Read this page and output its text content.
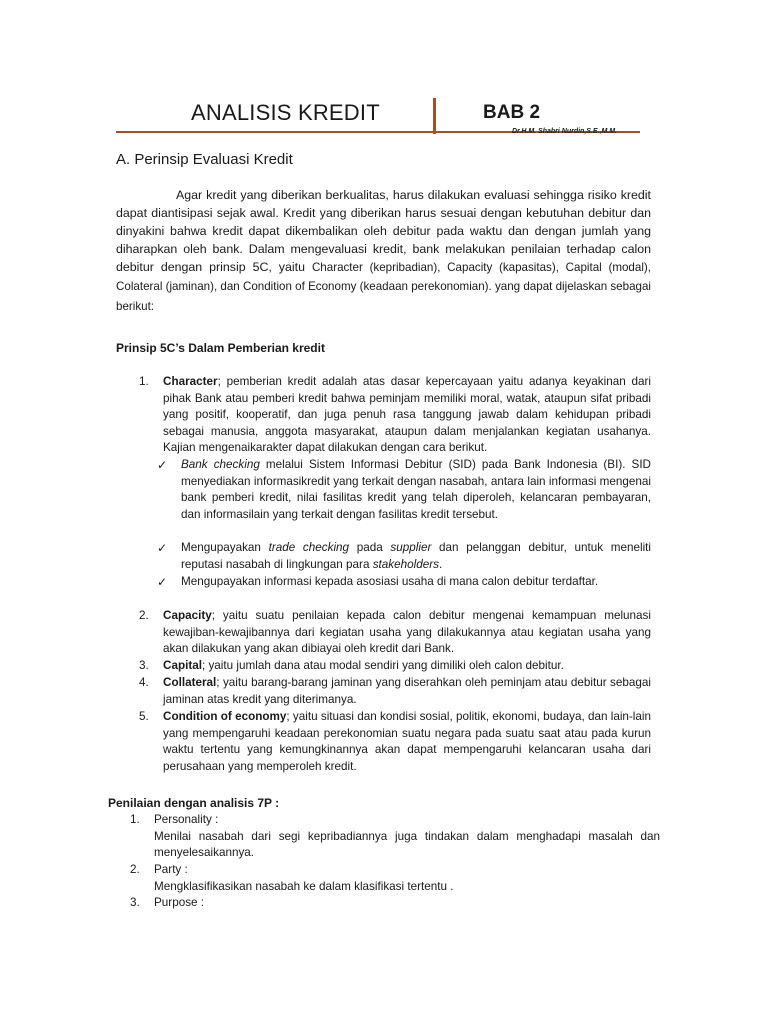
ANALISIS KREDIT	BAB 2
Dr.H.M. Shabri Nurdin,S.E.,M.M.
A. Perinsip Evaluasi Kredit
Agar kredit yang diberikan berkualitas, harus dilakukan evaluasi sehingga risiko kredit dapat diantisipasi sejak awal. Kredit yang diberikan harus sesuai dengan kebutuhan debitur dan dinyakini bahwa kredit dapat dikembalikan oleh debitur pada waktu dan dengan jumlah yang diharapkan oleh bank. Dalam mengevaluasi kredit, bank melakukan penilaian terhadap calon debitur dengan prinsip 5C, yaitu Character (kepribadian), Capacity (kapasitas), Capital (modal), Colateral (jaminan), dan Condition of Economy (keadaan perekonomian). yang dapat dijelaskan sebagai berikut:
Prinsip 5C’s Dalam Pemberian kredit
1.	Character; pemberian kredit adalah atas dasar kepercayaan yaitu adanya keyakinan dari pihak Bank atau pemberi kredit bahwa peminjam memiliki moral, watak, ataupun sifat pribadi yang positif, kooperatif, dan juga penuh rasa tanggung jawab dalam kehidupan pribadi sebagai manusia, anggota masyarakat, ataupun dalam menjalankan kegiatan usahanya. Kajian mengenaikarakter dapat dilakukan dengan cara berikut.
✓ Bank checking melalui Sistem Informasi Debitur (SID) pada Bank Indonesia (BI). SID menyediakan informasikredit yang terkait dengan nasabah, antara lain informasi mengenai bank pemberi kredit, nilai fasilitas kredit yang telah diperoleh, kelancaran pembayaran, dan informasilain yang terkait dengan fasilitas kredit tersebut.
✓ Mengupayakan trade checking pada supplier dan pelanggan debitur, untuk meneliti reputasi nasabah di lingkungan para stakeholders.
✓ Mengupayakan informasi kepada asosiasi usaha di mana calon debitur terdaftar.
2.	Capacity; yaitu suatu penilaian kepada calon debitur mengenai kemampuan melunasi kewajiban-kewajibannya dari kegiatan usaha yang dilakukannya atau kegiatan usaha yang akan dilakukan yang akan dibiayai oleh kredit dari Bank.
3.	Capital; yaitu jumlah dana atau modal sendiri yang dimiliki oleh calon debitur.
4.	Collateral; yaitu barang-barang jaminan yang diserahkan oleh peminjam atau debitur sebagai jaminan atas kredit yang diterimanya.
5.	Condition of economy; yaitu situasi dan kondisi sosial, politik, ekonomi, budaya, dan lain-lain yang mempengaruhi keadaan perekonomian suatu negara pada suatu saat atau pada kurun waktu tertentu yang kemungkinannya akan dapat mempengaruhi kelancaran usaha dari perusahaan yang memperoleh kredit.
Penilaian dengan analisis 7P :
1.	Personality :
Menilai nasabah dari segi kepribadiannya juga tindakan dalam menghadapi masalah dan menyelesaikannya.
2.	Party :
Mengklasifikasikan nasabah ke dalam klasifikasi tertentu .
3.	Purpose :
